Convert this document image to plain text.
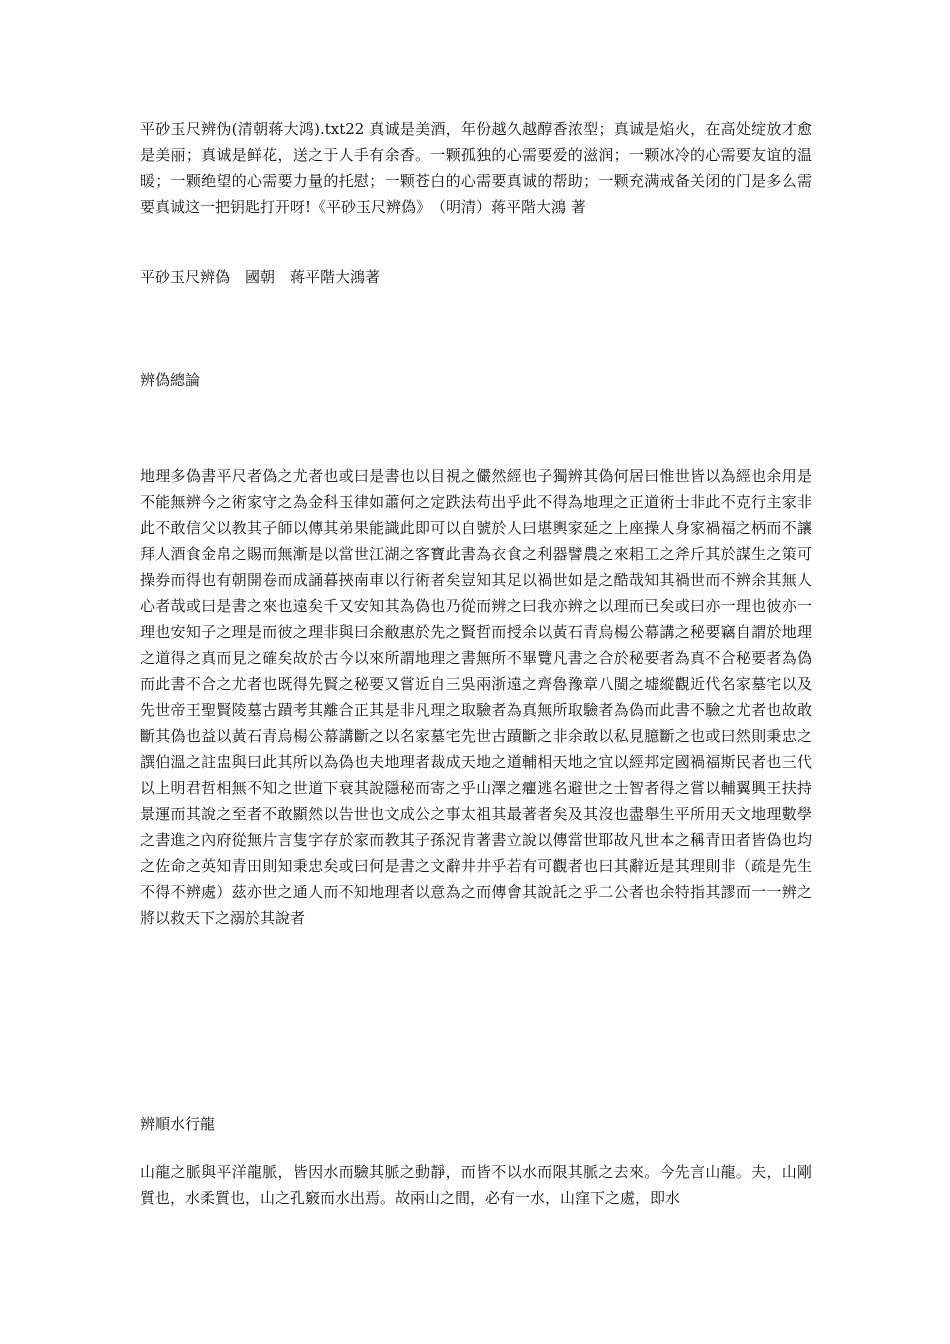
平砂玉尺辨伪(清朝蒋大鸿).txt22 真诚是美酒，年份越久越醇香浓型；真诚是焰火，在高处绽放才愈是美丽；真诚是鲜花，送之于人手有余香。一颗孤独的心需要爱的滋润；一颗冰冷的心需要友谊的温暖；一颗绝望的心需要力量的托慰；一颗苍白的心需要真诚的帮助；一颗充满戒备关闭的门是多么需要真诚这一把钥匙打开呀!《平砂玉尺辨偽》　（明清）蒋平階大鴻 著
平砂玉尺辨偽　國朝　蒋平階大鴻著
辨偽總論
地理多偽書平尺者偽之尤者也或曰是書也以目視之儼然經也子獨辨其偽何居曰惟世皆以為經也余用是不能無辨今之術家守之為金科玉律如蕭何之定跌法苟出乎此不得為地理之正道術士非此不克行主家非此不敢信父以教其子師以傳其弟果能識此即可以自號於人曰堪輿家延之上座操人身家禍福之柄而不讓拜人酒食金帛之賜而無漸是以當世江湖之客寶此書為衣食之利器譬農之來耜工之斧斤其於謀生之策可操券而得也有朝開卷而成誦暮挾南車以行術者矣豈知其足以禍世如是之酷哉知其禍世而不辨余其無人心者哉或曰是書之來也遠矣千又安知其為偽也乃從而辨之曰我亦辨之以理而已矣或曰亦一理也彼亦一理也安知子之理是而彼之理非與曰余敝惠於先之賢哲而授余以黃石青烏楊公幕講之秘要竊自謂於地理之道得之真而見之確矣故於古今以來所謂地理之書無所不畢覽凡書之合於秘要者為真不合秘要者為偽而此書不合之尤者也既得先賢之秘要又嘗近自三吳兩浙遠之齊魯豫章八閩之墟縱觀近代名家墓宅以及先世帝王聖賢陵墓古蹟考其離合正其是非凡理之取驗者為真無所取驗者為偽而此書不驗之尤者也故敢斷其偽也益以黃石青烏楊公幕講斷之以名家墓宅先世古蹟斷之非余敢以私見臆斷之也或曰然則秉忠之譔伯溫之註盅與曰此其所以為偽也夫地理者裁成天地之道輔相天地之宜以經邦定國禍福斯民者也三代以上明君哲相無不知之世道下衰其說隱秘而寄之乎山澤之癯逃名避世之士智者得之嘗以輔翼興王扶持景運而其說之至者不敢顯然以告世也文成公之事太祖其最著者矣及其沒也盡舉生平所用天文地理數學之書進之內府從無片言隻字存於家而教其子孫況肯著書立說以傳當世耶故凡世本之稱青田者皆偽也均之佐命之英知青田則知秉忠矣或曰何是書之文辭井井乎若有可觀者也曰其辭近是其理則非（疏是先生不得不辨處）茲亦世之通人而不知地理者以意為之而傳會其說託之乎二公者也余特指其謬而一一辨之將以救天下之溺於其說者
辨順水行龍
山龍之脈與平洋龍脈，皆因水而驗其脈之動靜，而皆不以水而限其脈之去來。今先言山龍。夫，山剛質也，水柔質也，山之孔竅而水出焉。故兩山之間，必有一水，山窪下之處，即水
